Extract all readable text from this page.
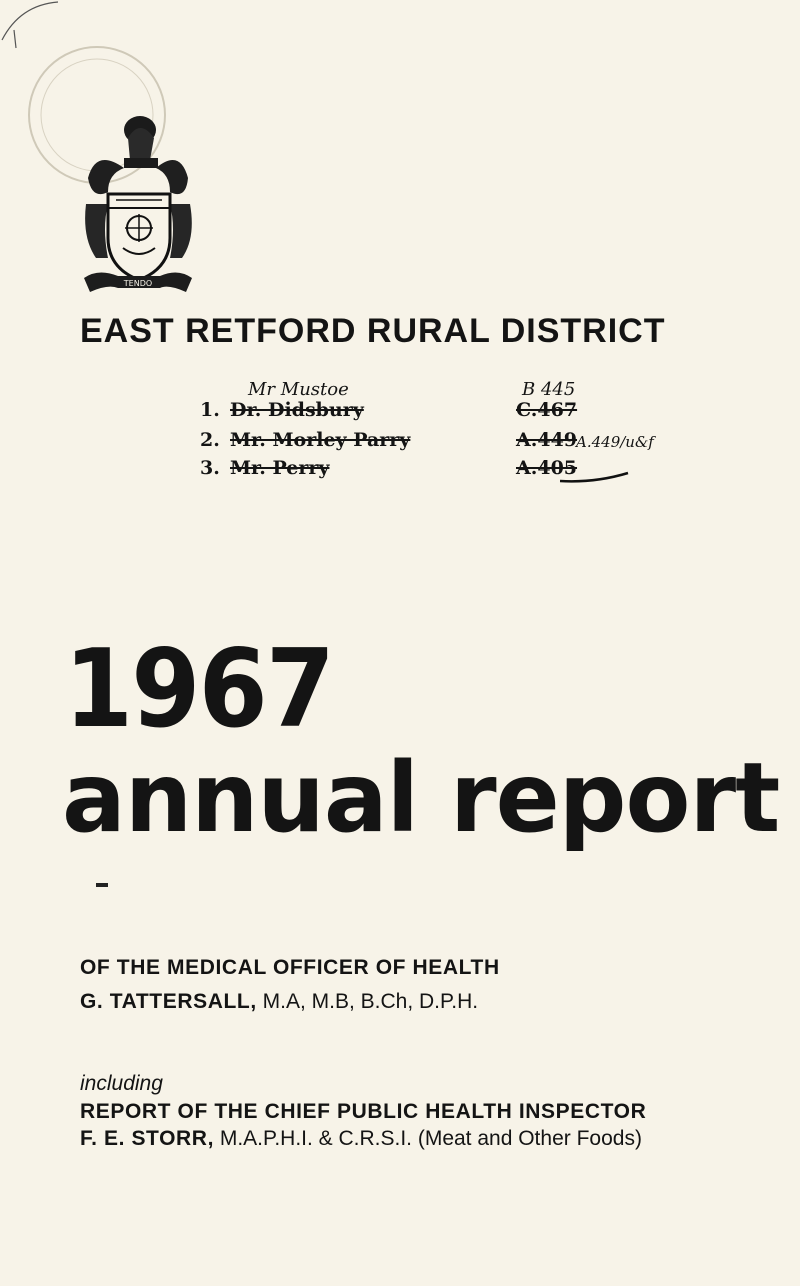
TENDO
EAST RETFORD RURAL DISTRICT
Mr Mustoe	B 445
1. Dr. Didsbury	C.467
2. Mr. Morley Parry	A.449
A.449/u&f
3. Mr. Perry	A.405
1967
annual report
OF THE MEDICAL OFFICER OF HEALTH
G. TATTERSALL, M.A, M.B, B.Ch, D.P.H.
including
REPORT OF THE CHIEF PUBLIC HEALTH INSPECTOR
F. E. STORR, M.A.P.H.I. & C.R.S.I. (Meat and Other Foods)
